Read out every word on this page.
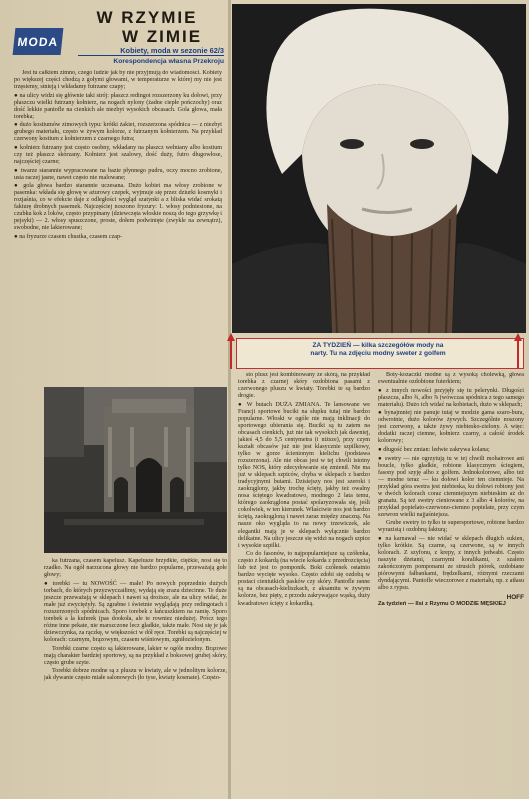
MODA
W RZYMIE
W ZIMIE
Kobiety, moda w sezonie 62/3
Korespondencja własna Przekroju

Jest tu całkiem zimno, czego ludzie jak by nie przyjmują do wiadomości. Kobiety po większej części chodzą z gołymi głowami, w temperaturze w której my nie jest trzęsiemy, sinieją i wkładamy futrzane czapy;

● na ulicy widzi się głównie taki strój: płaszcz redingot rozszerzony ku dołowi, przy płaszczu wielki futrzany kołnierz, na nogach nylony (żadne ciepłe pończochy) oraz dość lekkie pantofle na cienkich ale niezbyt wysokich obcasach. Gola głowa, mała torebka;

● dużo kostiumów zimowych typu: krótki żakiet, rozszerzona spódnica — z niezbyt grubego materiału, często w żywym kolorze, z futrzanym kołnierzem. Na przykład czerwony kostium z kołnierzem z czarnego futra;

● kołnierz futrzany jest często osobny, wkładany na płaszcz wełniany albo kostium czy też płaszcz skórzany. Kołnierz jest szalowy, dość duży, futro długowłose, najczęściej czarne;

● twarze starannie wypracowane na bazie płynnego pudru, oczy mocno zrobione, usta raczej jasne, nawet często nie malowane;

● gola głowa bardzo starannie uczesana. Dużo kobiet ma włosy zrobione w pasemka: wkłada się głowę w ażurowy czepek, wyjmuje się przez dziurki kosmyki i rozjaśnia, co w efekcie daje z odległości wygląd szatynki a z bliska widać srokatą fakturę drobnych pasemek. Najczęściej noszono fryzury: 1. włosy podniesione, na czubku kok z loków, często przypinany (dziewczęta włoskie noszą do tego grzywkę i pejsyki) — 2. włosy spuszczone, proste, dołem podwinięte (zwykle na zewnątrz), swobodne, nie lakierowane;

● na fryzurze czasem chustka, czasem czap-

ka futrzana, czasem kapelusz. Kapelusze brzydkie, ciężkie, nosi się to rzadko. Na ogół narzucona głowy nie bardzo popularne, przeważają gołe głowy;

● torebki — tu NOWOŚĆ — małe! Po nowych poprzednio dużych torbach, do których przyzwyczaiłimy, wydają się zrazu dziecinne. Te duże jeszcze przeważają w sklepach i nawet są droższe, ale na ulicy widać, że małe już zwyciężyły. Są zgrabne i świetnie wyglądają przy redingotach i rozszerzonych spódnicach. Sporo torebek z łańcuszkiem na ramię. Sporo torebek a la kuferek (pas dookoła, ale te rowniez niedużej. Prócz tego różne inne pekate, nie marszczone lecz gładkie, także małe. Nosi się je jak dziewczynka, za rączkę, w większości w dół ręce. Torebki są najczęściej w kolorach: czarnym, brązowym, czasem wiśniowym, zgniłozielonym.

Torebki czarne często są lakierowane, lakier w ogóle modny. Brązowe mają charakter bardziej sportowy, są na przykład z boksowej grubej skóry, często grube szyte.

Torebki dobrze modne są z pluszu w kwiaty, ale w jednolitym kolorze, jak dywanie często miałe salonowych (ło tyse, kwiaty kosmate). Często-

ZA TYDZIEŃ — kilka szczegółów mody na
narty. Tu na zdjęciu modny sweter z golfem

sto plusz jest kombinowany ze skórą, na przykład torebka z czarnej skóry ozdobiona pasami z czerwonego pluszu w kwiaty. Torebki te są bardzo drogie.

● W butach DUŻA ZMIANA. Te lansowane we Francji sportowe buciki na słupku tutaj nie bardzo popularne. Włoski w ogóle nie mają inklinacji do sportowego ubierania się. Buciki są tu zatem na obcasach cienkich, już nie tak wysokich jak dawniej, jakieś 4,5 do 5,5 centymetra (i niższe), przy czym kształt obcasów już nie jest klasycznie szpilkowy, tylko w gorze ścienionym kielichu (podstawa rozszerzona). Ale nie obcas jest w tej chwili istotny tylko NOS, który zdecydowanie się zmienił. Nie ma już w sklepach szpiców, chyba w sklepach z bardzo tradycyjnymi butami. Dzisiejszy nos jest szeroki i zaokrąglony, jakby trochę ścięty, jakby też owalny nosa ściętego kwadratowo, modnego 2 lata temu, którego zaokrąglona postać spolaryzowała się, jeśli cokolwiek, w ten kierunek. Właściwie nos jest bardzo ściętą, zaokrągloną i nawet zaraz między znaczną. Na nasze oko wygląda to na nowy trzewiczek, ale elegantki mają je w sklepach wyłącznie bardzo delikatne. Na ulicy jeszcze się widzi na nogach szpice i wysokie szpilki.

Co do fasonów, to najpopularniejsze są czółenka, często z kokardą (na wiecie kokarda z przedrozcięcia) lub też jest to pomponik. Boki czółenek ostatnio bardzo wycięte wysoko. Często zdobi się ozdobą w postaci cieniutkich pasków czy skóry. Pantofle ranne są na obcasach-kieliszkach, z aksamitu w żywym kolorze, bez pięty, z przodu zakrywające wąską, duży kwadratowo ścięty z kokardką.

Boty-kozaczki modne są z wysoką cholewką, głowa ewentualnie ozdobione futerkiem;

● z innych nowości przyjęły się tu pelerynki. Długości płaszcza, albo ¾, albo ⅞ (wówczas spódnica z tego samego materiału). Dużo ich widać na kobietach, dużo w sklepach;

● bynajmniej nie panuje tutaj w modzie gama szaro-bura, odwrotnie, dużo kolorów żywych. Szczególnie noszony jest czerwony, a także żywy niebiesko-zielony. A więc: dodatki raczej ciemne, kołnierz czarny, a całość środek kolorowy;

● długość bez zmian: ledwie zakrywa kolana;

● swetry — nie ogrzytują tu w tej chwili mohairowe ani boucle, tylko gładkie, robione klasycznym ściegiem, fasony pod szyję albo z golfem. Jednokolorowe, albo też — modne teraz — ku dołowi kolor ten ciemnieje. Na przykład góra swetra jest niebieska, ku dołowi robiony jest w dwóch kolorach coraz ciemniejszym niebieskim aż do granatu. Są też swetry cieniowane z 3 albo 4 kolorów, na przykład popielato-czerwono-ciemno popielate, przy czym szewron wielki najjaśniejsza.

Grube swetry to tylko te supersportowe, robione bardzo wyrazistą i ozdobną fakturą;

● na karnawał — nie widać w sklepach długich sukien, tylko krótkie. Są czarne, są czerwone, są w innych kolorach. Z szyfonu, z krepy, z innych jedwabi. Często naszyte dżetami, czarnymi koralikami, z szalem zakończonym pomponami ze strusich piórek, ozdobiane piórowymi fałbankami, frędzelkami, różnymi rzeczami dyndającymi. Pantofle wieczorowe z materiału, np. z atłasu albo z rypsu.

HOFF
Za tydzień — Ilsi z Rzymu O MODZIE MĘSKIEJ
